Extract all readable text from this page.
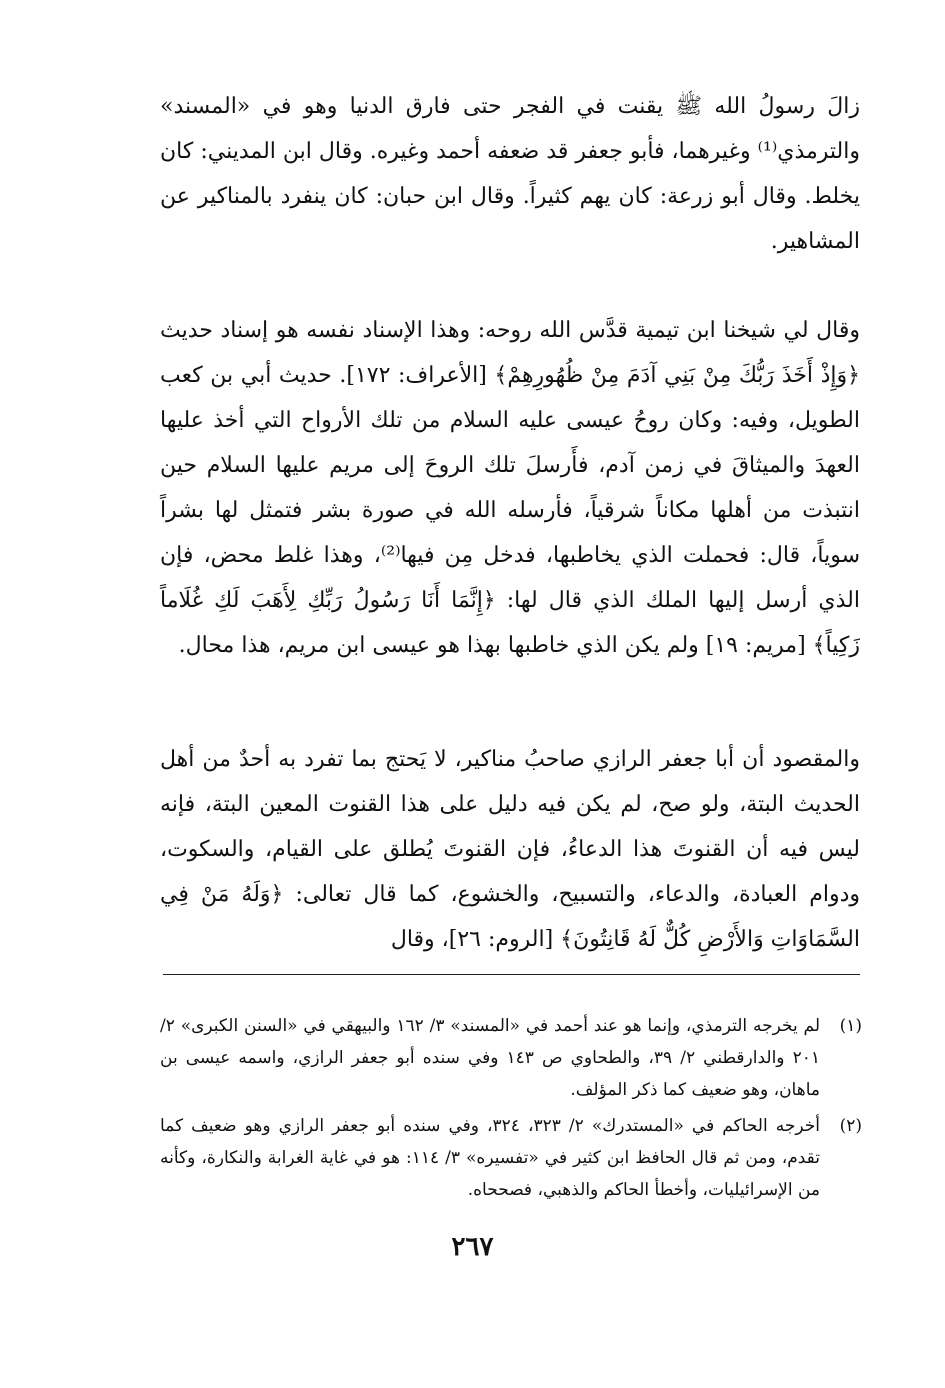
زالَ رسولُ الله ﷺ يقنت في الفجر حتى فارق الدنيا وهو في «المسند» والترمذي⁽¹⁾ وغيرهما، فأبو جعفر قد ضعفه أحمد وغيره. وقال ابن المديني: كان يخلط. وقال أبو زرعة: كان يهم كثيراً. وقال ابن حبان: كان ينفرد بالمناكير عن المشاهير.
وقال لي شيخنا ابن تيمية قدَّس الله روحه: وهذا الإسناد نفسه هو إسناد حديث ﴿وَإِذْ أَخَذَ رَبُّكَ مِنْ بَنِي آدَمَ مِنْ ظُهُورِهِمْ﴾ [الأعراف: ١٧٢]. حديث أبي بن كعب الطويل، وفيه: وكان روحُ عيسى عليه السلام من تلك الأرواح التي أخذ عليها العهدَ والميثاقَ في زمن آدم، فأَرسلَ تلك الروحَ إلى مريم عليها السلام حين انتبذت من أهلها مكاناً شرقياً، فأرسله الله في صورة بشر فتمثل لها بشراً سوياً، قال: فحملت الذي يخاطبها، فدخل مِن فيها⁽²⁾، وهذا غلط محض، فإن الذي أرسل إليها الملك الذي قال لها: ﴿إِنَّمَا أَنَا رَسُولُ رَبِّكِ لِأَهَبَ لَكِ غُلَاماً زَكِياً﴾ [مريم: ١٩] ولم يكن الذي خاطبها بهذا هو عيسى ابن مريم، هذا محال.
والمقصود أن أبا جعفر الرازي صاحبُ مناكير، لا يَحتج بما تفرد به أحدٌ من أهل الحديث البتة، ولو صح، لم يكن فيه دليل على هذا القنوت المعين البتة، فإنه ليس فيه أن القنوتَ هذا الدعاءُ، فإن القنوتَ يُطلق على القيام، والسكوت، ودوام العبادة، والدعاء، والتسبيح، والخشوع، كما قال تعالى: ﴿وَلَهُ مَنْ فِي السَّمَاوَاتِ وَالأَرْضِ كُلٌّ لَهُ قَانِتُونَ﴾ [الروم: ٢٦]، وقال
(١)
لم يخرجه الترمذي، وإنما هو عند أحمد في «المسند» ٣/ ١٦٢ والبيهقي في «السنن الكبرى» ٢/ ٢٠١ والدارقطني ٢/ ٣٩، والطحاوي ص ١٤٣ وفي سنده أبو جعفر الرازي، واسمه عيسى بن ماهان، وهو ضعيف كما ذكر المؤلف.
(٢)
أخرجه الحاكم في «المستدرك» ٢/ ٣٢٣، ٣٢٤، وفي سنده أبو جعفر الرازي وهو ضعيف كما تقدم، ومن ثم قال الحافظ ابن كثير في «تفسيره» ٣/ ١١٤: هو في غاية الغرابة والنكارة، وكأنه من الإسرائيليات، وأخطأ الحاكم والذهبي، فصححاه.
٢٦٧
